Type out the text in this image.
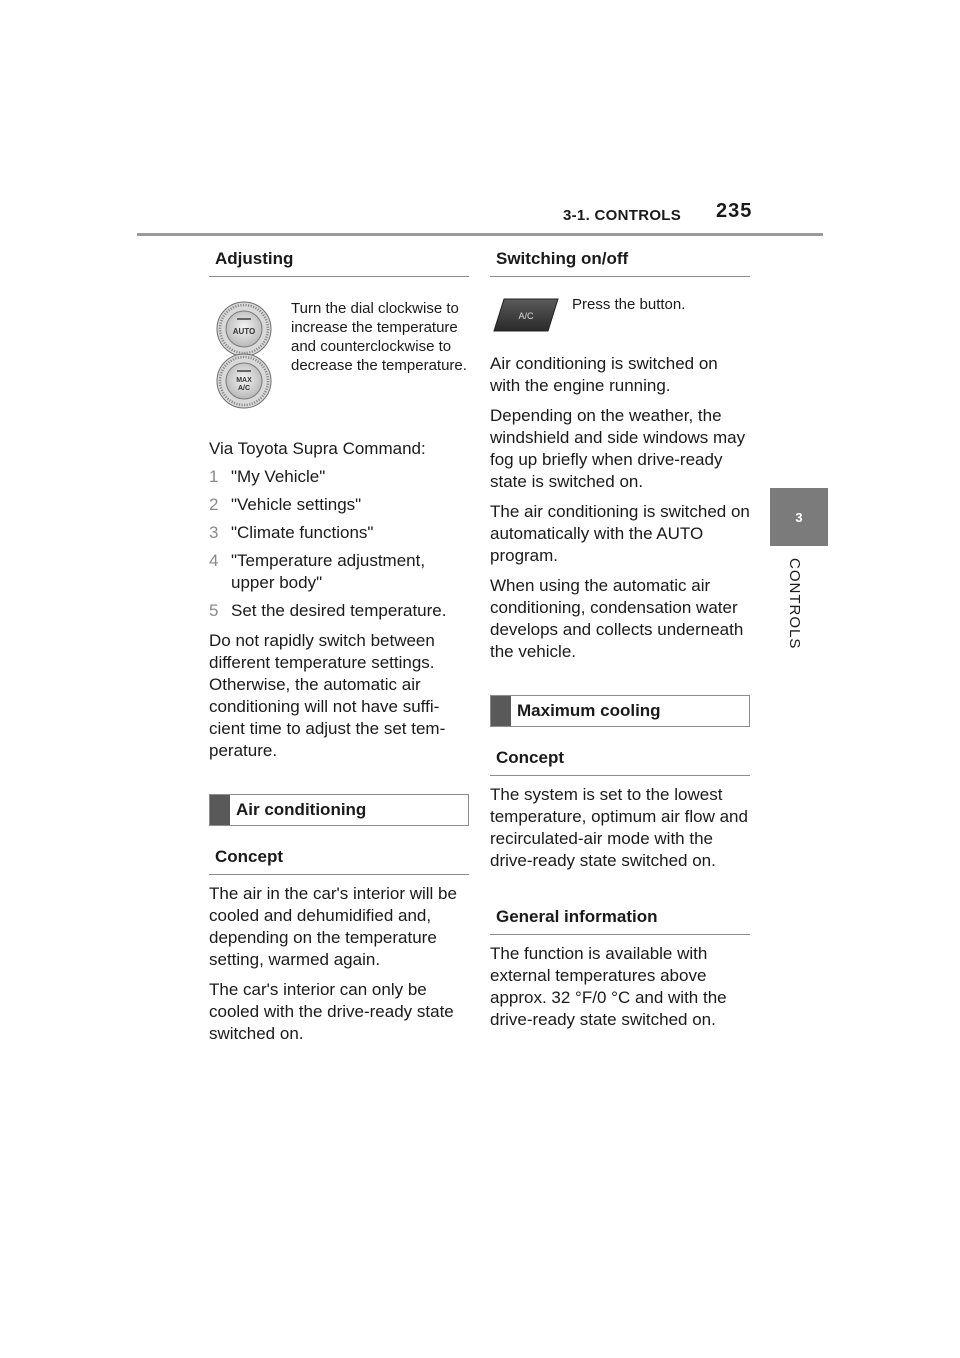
3-1. CONTROLS 235
3
CONTROLS
Adjusting
AUTO
MAX
A/C
Turn the dial clockwise to increase the temperature and counterclockwise to decrease the temperature.

Via Toyota Supra Command:

1 "My Vehicle"
2 "Vehicle settings"
3 "Climate functions"
4 "Temperature adjustment, upper body"
5 Set the desired temperature.

Do not rapidly switch between different temperature settings. Otherwise, the automatic air conditioning will not have sufficient time to adjust the set temperature.

Air conditioning
Concept

The air in the car's interior will be cooled and dehumidified and, depending on the temperature setting, warmed again.

The car's interior can only be cooled with the drive-ready state switched on.

Switching on/off
A/C
Press the button.

Air conditioning is switched on with the engine running.

Depending on the weather, the windshield and side windows may fog up briefly when drive-ready state is switched on.

The air conditioning is switched on automatically with the AUTO program.

When using the automatic air conditioning, condensation water develops and collects underneath the vehicle.

Maximum cooling
Concept

The system is set to the lowest temperature, optimum air flow and recirculated-air mode with the drive-ready state switched on.

General information

The function is available with external temperatures above approx. 32 °F/0 °C and with the drive-ready state switched on.
